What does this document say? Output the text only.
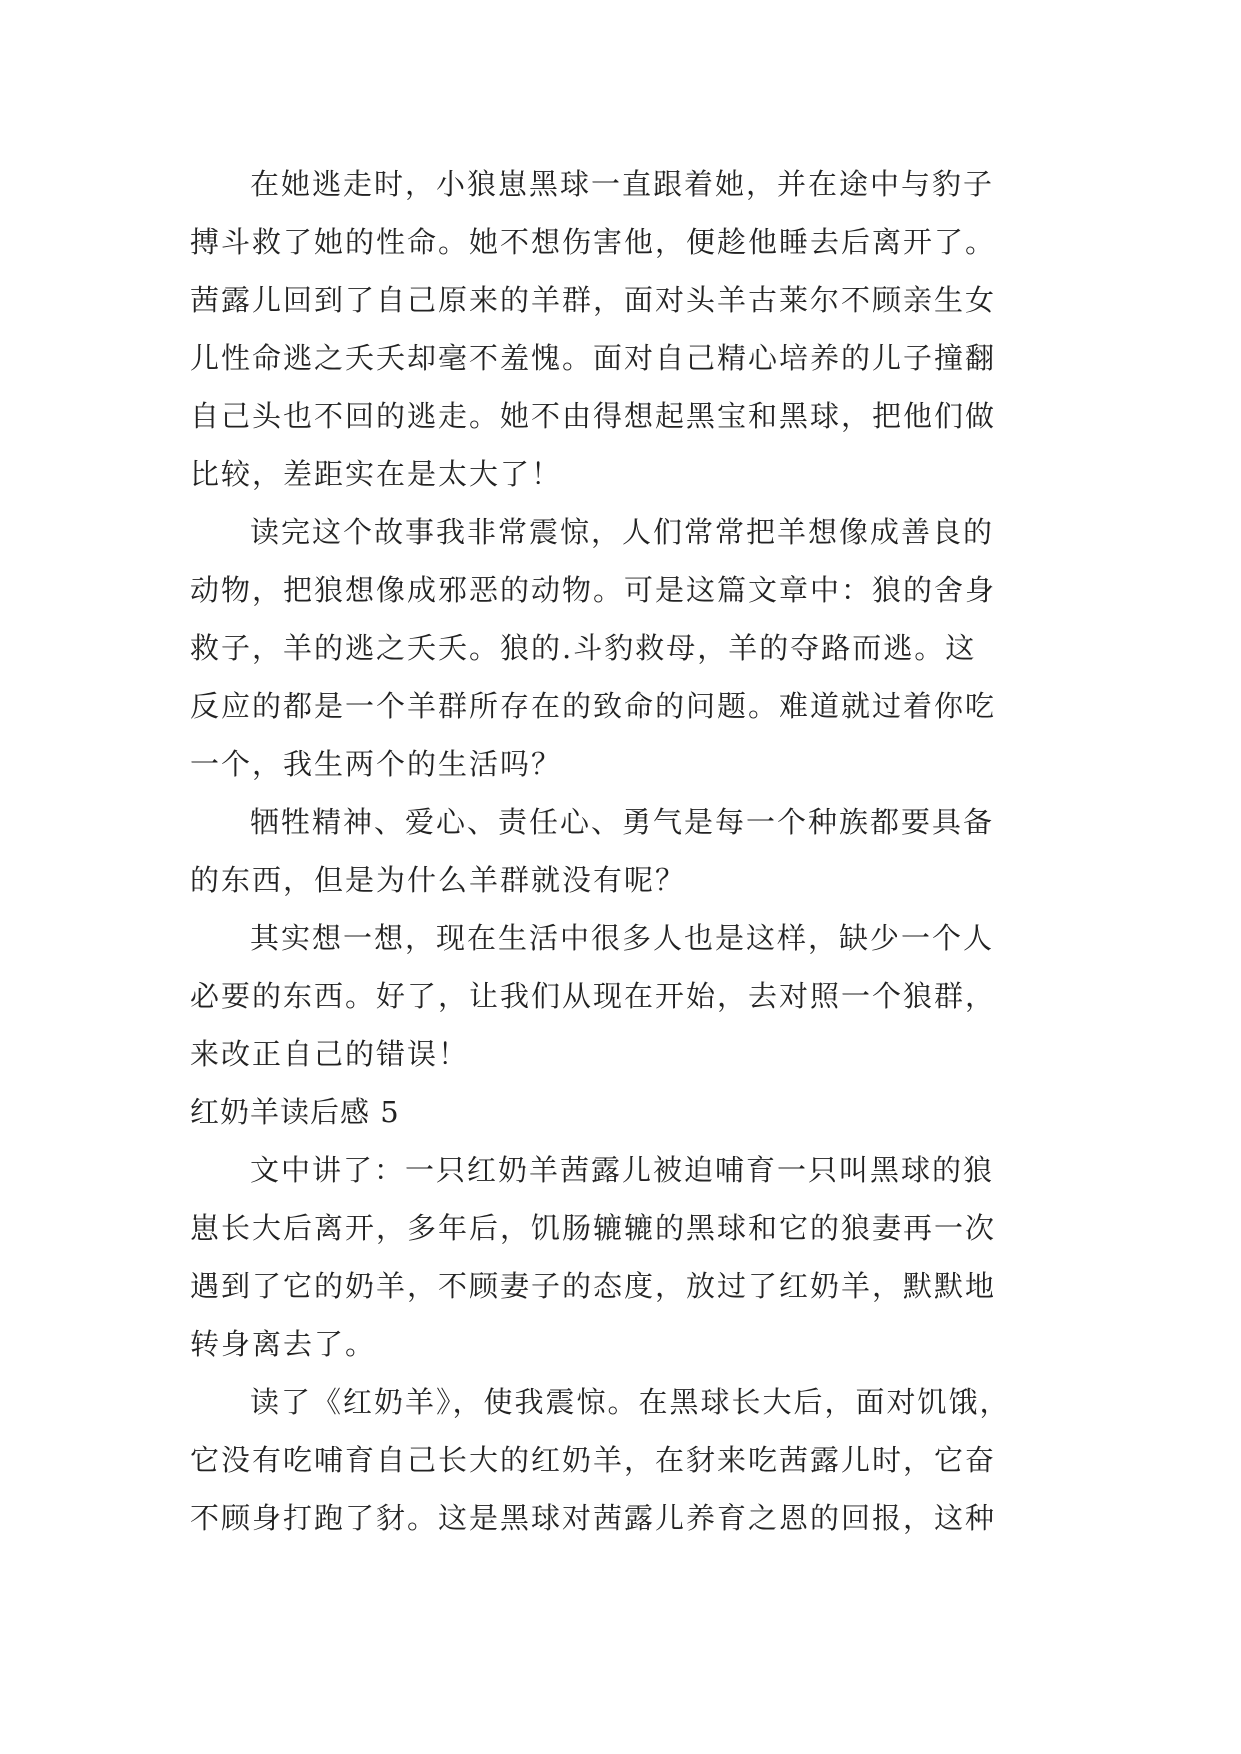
在她逃走时，小狼崽黑球一直跟着她，并在途中与豹子
搏斗救了她的性命。她不想伤害他，便趁他睡去后离开了。
茜露儿回到了自己原来的羊群，面对头羊古莱尔不顾亲生女
儿性命逃之夭夭却毫不羞愧。面对自己精心培养的儿子撞翻
自己头也不回的逃走。她不由得想起黑宝和黑球，把他们做
比较，差距实在是太大了！
读完这个故事我非常震惊，人们常常把羊想像成善良的
动物，把狼想像成邪恶的动物。可是这篇文章中：狼的舍身
救子，羊的逃之夭夭。狼的.斗豹救母，羊的夺路而逃。这
反应的都是一个羊群所存在的致命的问题。难道就过着你吃
一个，我生两个的生活吗？
牺牲精神、爱心、责任心、勇气是每一个种族都要具备
的东西，但是为什么羊群就没有呢？
其实想一想，现在生活中很多人也是这样，缺少一个人
必要的东西。好了，让我们从现在开始，去对照一个狼群，
来改正自己的错误！
红奶羊读后感 5
文中讲了：一只红奶羊茜露儿被迫哺育一只叫黑球的狼
崽长大后离开，多年后，饥肠辘辘的黑球和它的狼妻再一次
遇到了它的奶羊，不顾妻子的态度，放过了红奶羊，默默地
转身离去了。
读了《红奶羊》，使我震惊。在黑球长大后，面对饥饿，
它没有吃哺育自己长大的红奶羊，在豺来吃茜露儿时，它奋
不顾身打跑了豺。这是黑球对茜露儿养育之恩的回报，这种
